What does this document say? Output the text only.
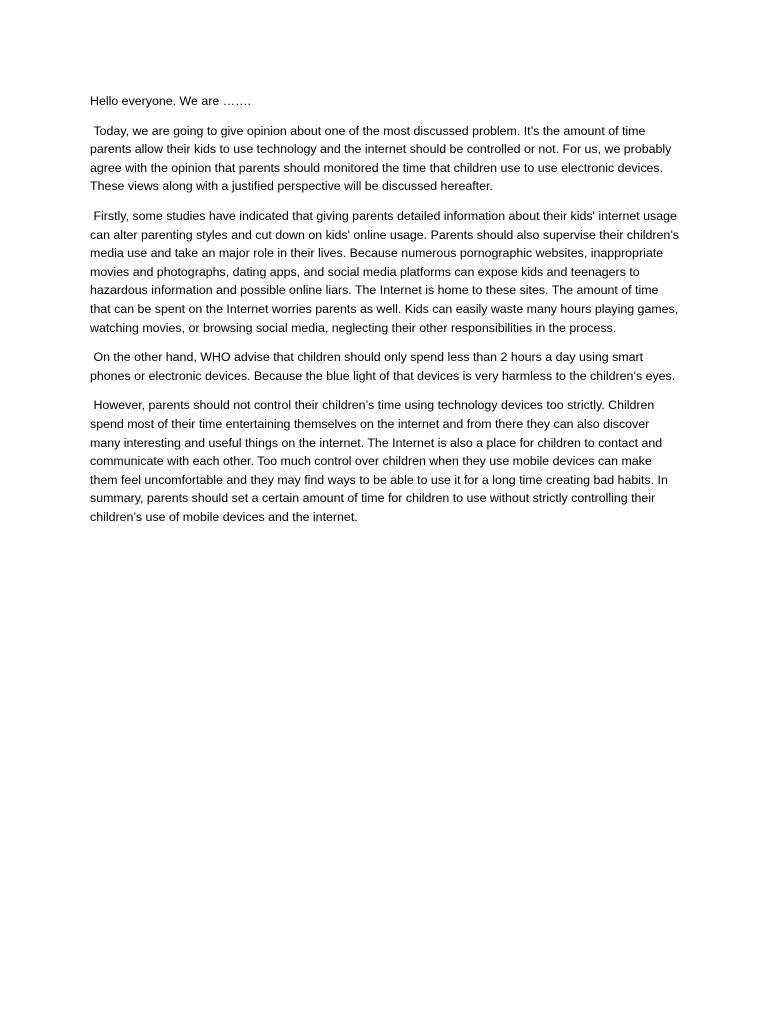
Hello everyone. We are …….

Today, we are going to give opinion about one of the most discussed problem. It’s the amount of time parents allow their kids to use technology and the internet should be controlled or not. For us, we probably agree with the opinion that parents should monitored the time that children use to use electronic devices. These views along with a justified perspective will be discussed hereafter.

Firstly, some studies have indicated that giving parents detailed information about their kids' internet usage can alter parenting styles and cut down on kids' online usage. Parents should also supervise their children’s media use and take an major role in their lives. Because numerous pornographic websites, inappropriate movies and photographs, dating apps, and social media platforms can expose kids and teenagers to hazardous information and possible online liars. The Internet is home to these sites. The amount of time that can be spent on the Internet worries parents as well. Kids can easily waste many hours playing games, watching movies, or browsing social media, neglecting their other responsibilities in the process.

On the other hand, WHO advise that children should only spend less than 2 hours a day using smart phones or electronic devices. Because the blue light of that devices is very harmless to the children’s eyes.

However, parents should not control their children’s time using technology devices too strictly. Children spend most of their time entertaining themselves on the internet and from there they can also discover many interesting and useful things on the internet. The Internet is also a place for children to contact and communicate with each other. Too much control over children when they use mobile devices can make them feel uncomfortable and they may find ways to be able to use it for a long time creating bad habits. In summary, parents should set a certain amount of time for children to use without strictly controlling their children’s use of mobile devices and the internet.
